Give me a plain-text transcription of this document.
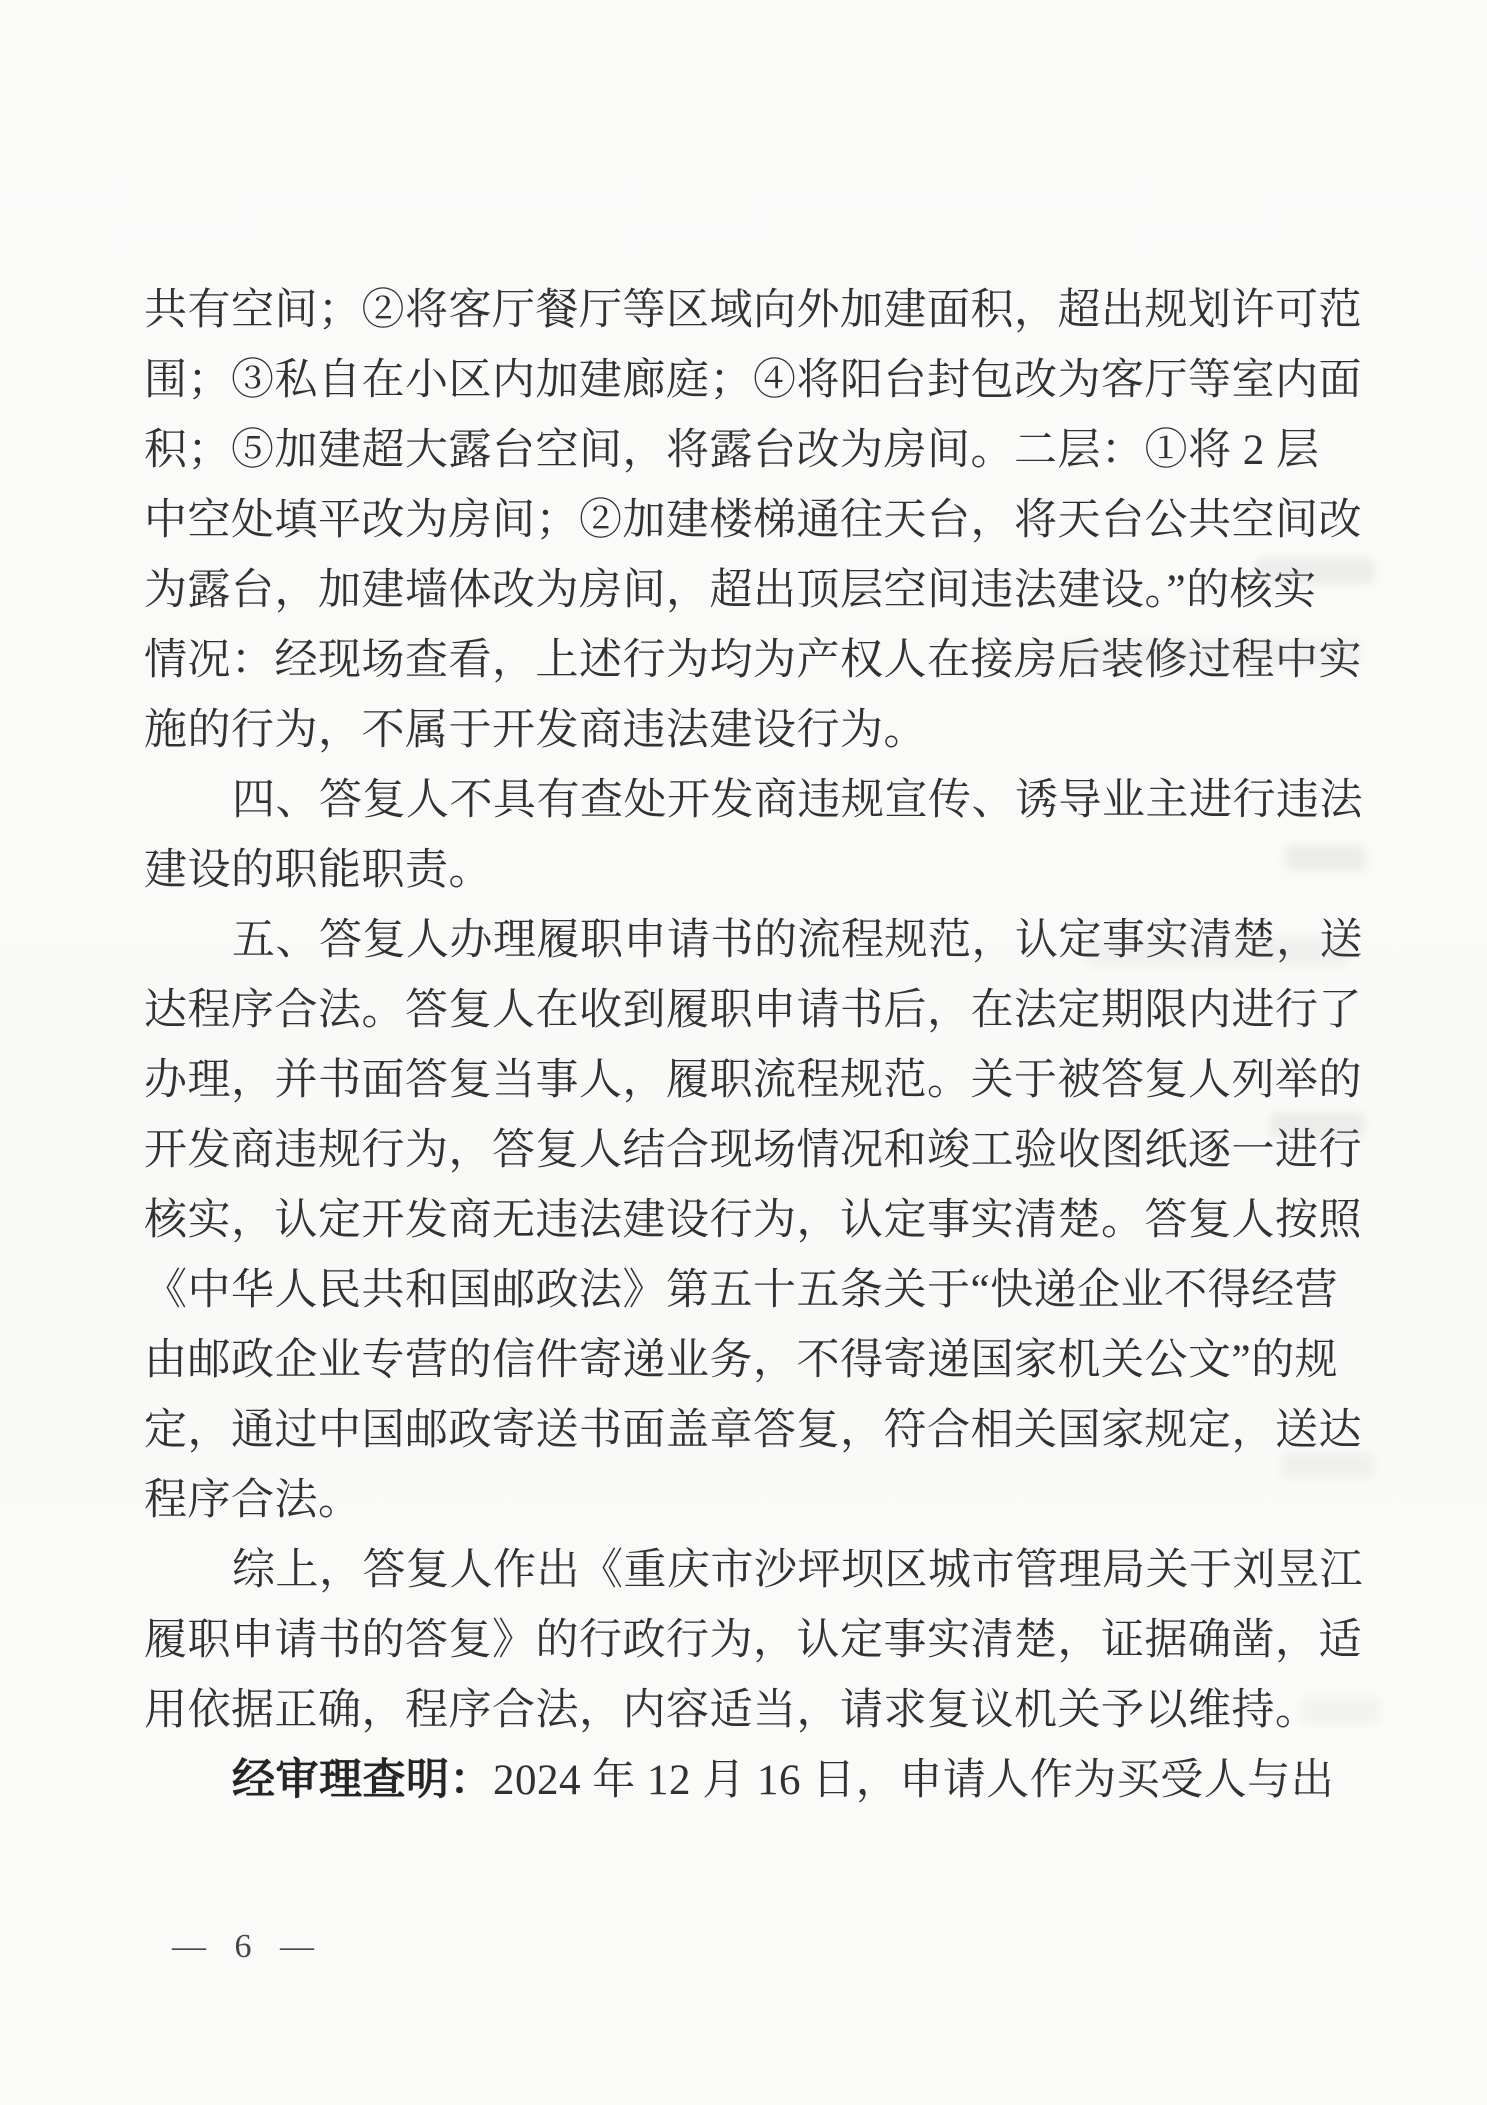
共有空间；②将客厅餐厅等区域向外加建面积，超出规划许可范
围；③私自在小区内加建廊庭；④将阳台封包改为客厅等室内面
积；⑤加建超大露台空间，将露台改为房间。二层：①将 2 层
中空处填平改为房间；②加建楼梯通往天台，将天台公共空间改
为露台，加建墙体改为房间，超出顶层空间违法建设。”的核实
情况：经现场查看，上述行为均为产权人在接房后装修过程中实
施的行为，不属于开发商违法建设行为。
四、答复人不具有查处开发商违规宣传、诱导业主进行违法
建设的职能职责。
五、答复人办理履职申请书的流程规范，认定事实清楚，送
达程序合法。答复人在收到履职申请书后，在法定期限内进行了
办理，并书面答复当事人，履职流程规范。关于被答复人列举的
开发商违规行为，答复人结合现场情况和竣工验收图纸逐一进行
核实，认定开发商无违法建设行为，认定事实清楚。答复人按照
《中华人民共和国邮政法》第五十五条关于“快递企业不得经营
由邮政企业专营的信件寄递业务，不得寄递国家机关公文”的规
定，通过中国邮政寄送书面盖章答复，符合相关国家规定，送达
程序合法。
综上，答复人作出《重庆市沙坪坝区城市管理局关于刘昱江
履职申请书的答复》的行政行为，认定事实清楚，证据确凿，适
用依据正确，程序合法，内容适当，请求复议机关予以维持。
经审理查明：2024 年 12 月 16 日，申请人作为买受人与出
— 6 —
